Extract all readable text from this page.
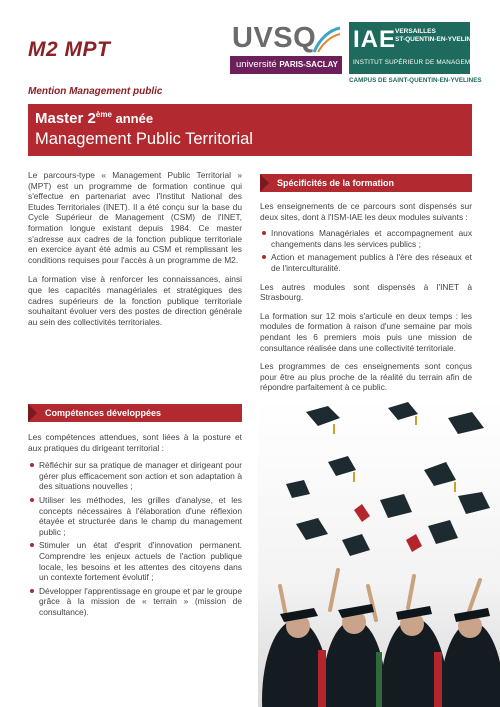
M2 MPT	UVSQ
université PARIS-SACLAY
IAE
VERSAILLES
ST-QUENTIN-EN-YVELINES
INSTITUT SUPÉRIEUR DE MANAGEMENT
CAMPUS DE SAINT-QUENTIN-EN-YVELINES
Mention Management public
Master 2ème année
Management Public Territorial

Le parcours-type « Management Public Territorial » (MPT) est un programme de formation continue qui s'effectue en partenariat avec l'Institut National des Etudes Territoriales (INET). Il a été conçu sur la base du Cycle Supérieur de Management (CSM) de l'INET, formation longue existant depuis 1984. Ce master s'adresse aux cadres de la fonction publique territoriale en exercice ayant été admis au CSM et remplissant les conditions requises pour l'accès à un programme de M2.

La formation vise à renforcer les connaissances, ainsi que les capacités managériales et stratégiques des cadres supérieurs de la fonction publique territoriale souhaitant évoluer vers des postes de direction générale au sein des collectivités territoriales.

Compétences développées

Les compétences attendues, sont liées à la posture et aux pratiques du dirigeant territorial :

Réfléchir sur sa pratique de manager et dirigeant pour gérer plus efficacement son action et son adaptation à des situations nouvelles ;
Utiliser les méthodes, les grilles d'analyse, et les concepts nécessaires à l'élaboration d'une réflexion étayée et structurée dans le champ du management public ;
Stimuler un état d'esprit d'innovation permanent. Comprendre les enjeux actuels de l'action publique locale, les besoins et les attentes des citoyens dans un contexte fortement évolutif ;
Développer l'apprentissage en groupe et par le groupe grâce à la mission de « terrain » (mission de consultance).
Spécificités de la formation

Les enseignements de ce parcours sont dispensés sur deux sites, dont à l'ISM-IAE les deux modules suivants :

Innovations Managériales et accompagnement aux changements dans les services publics ;
Action et management publics à l'ère des réseaux et de l'interculturalité.

Les autres modules sont dispensés à l'INET à Strasbourg.

La formation sur 12 mois s'articule en deux temps : les modules de formation à raison d'une semaine par mois pendant les 6 premiers mois puis une mission de consultance réalisée dans une collectivité territoriale.

Les programmes de ces enseignements sont conçus pour être au plus proche de la réalité du terrain afin de répondre parfaitement à ce public.
